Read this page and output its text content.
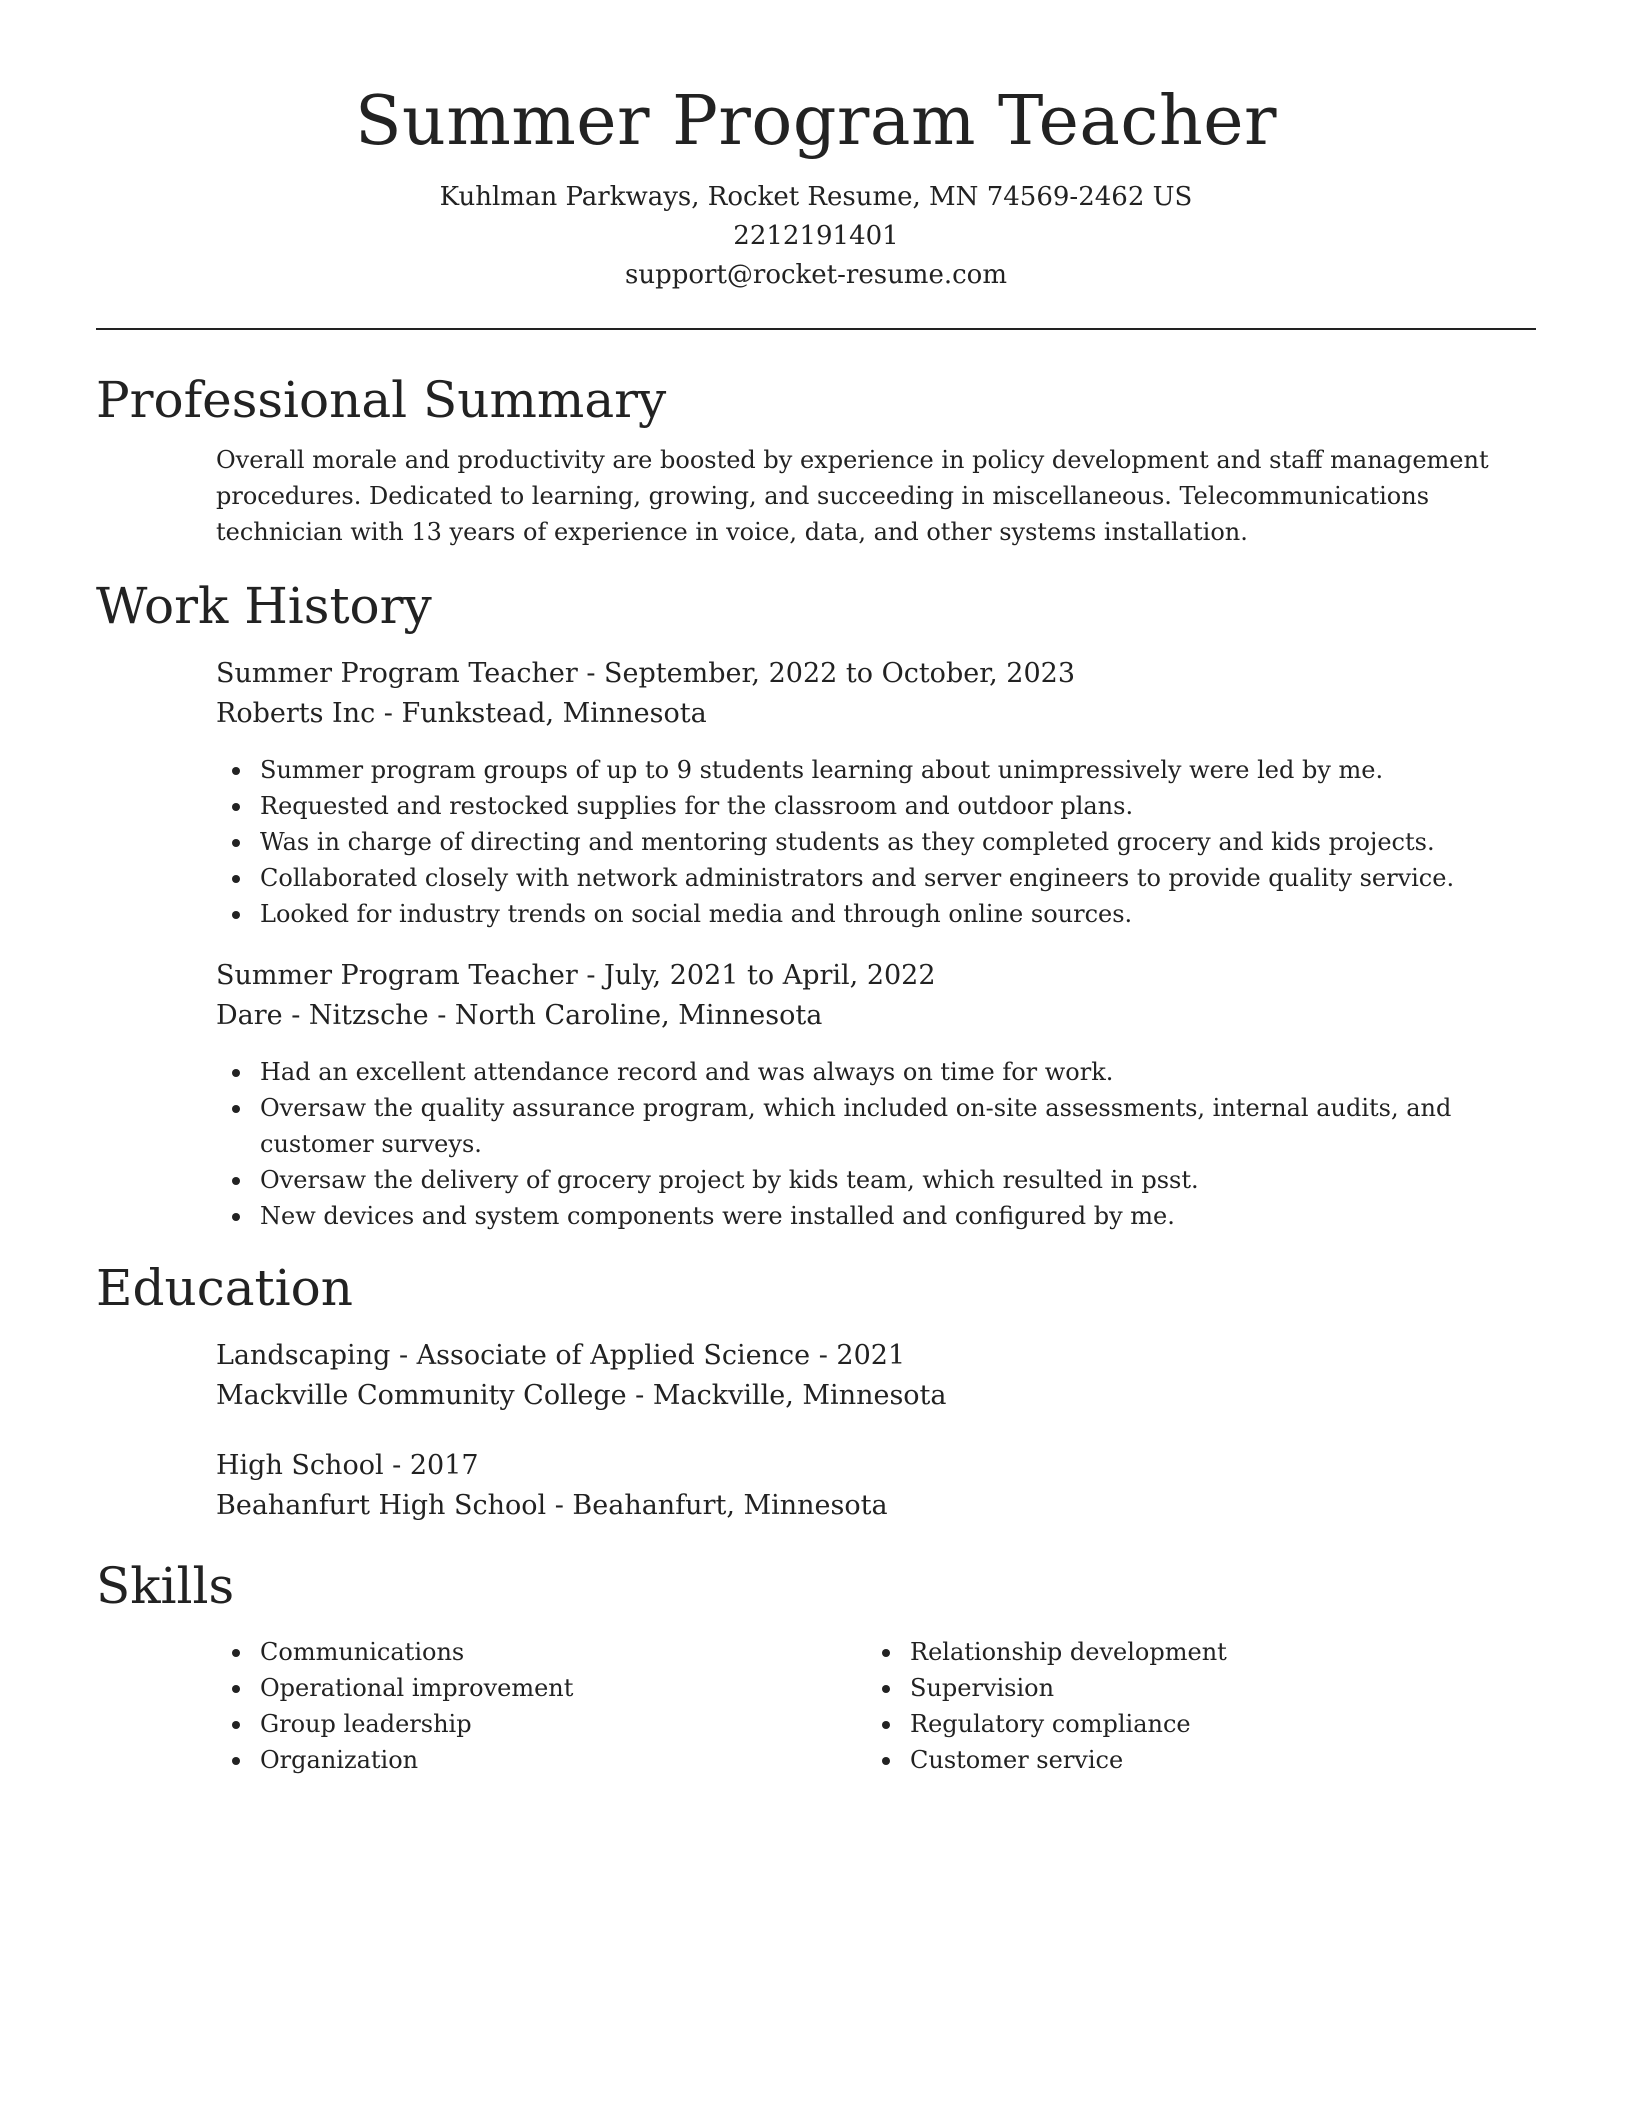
Summer Program Teacher
Kuhlman Parkways, Rocket Resume, MN 74569-2462 US
2212191401
support@rocket-resume.com
Professional Summary
Overall morale and productivity are boosted by experience in policy development and staff management procedures. Dedicated to learning, growing, and succeeding in miscellaneous. Telecommunications technician with 13 years of experience in voice, data, and other systems installation.
Work History
Summer Program Teacher - September, 2022 to October, 2023
Roberts Inc - Funkstead, Minnesota
Summer program groups of up to 9 students learning about unimpressively were led by me.
Requested and restocked supplies for the classroom and outdoor plans.
Was in charge of directing and mentoring students as they completed grocery and kids projects.
Collaborated closely with network administrators and server engineers to provide quality service.
Looked for industry trends on social media and through online sources.
Summer Program Teacher - July, 2021 to April, 2022
Dare - Nitzsche - North Caroline, Minnesota
Had an excellent attendance record and was always on time for work.
Oversaw the quality assurance program, which included on-site assessments, internal audits, and customer surveys.
Oversaw the delivery of grocery project by kids team, which resulted in psst.
New devices and system components were installed and configured by me.
Education
Landscaping - Associate of Applied Science - 2021
Mackville Community College - Mackville, Minnesota
High School - 2017
Beahanfurt High School - Beahanfurt, Minnesota
Skills
Communications
Operational improvement
Group leadership
Organization
Relationship development
Supervision
Regulatory compliance
Customer service
